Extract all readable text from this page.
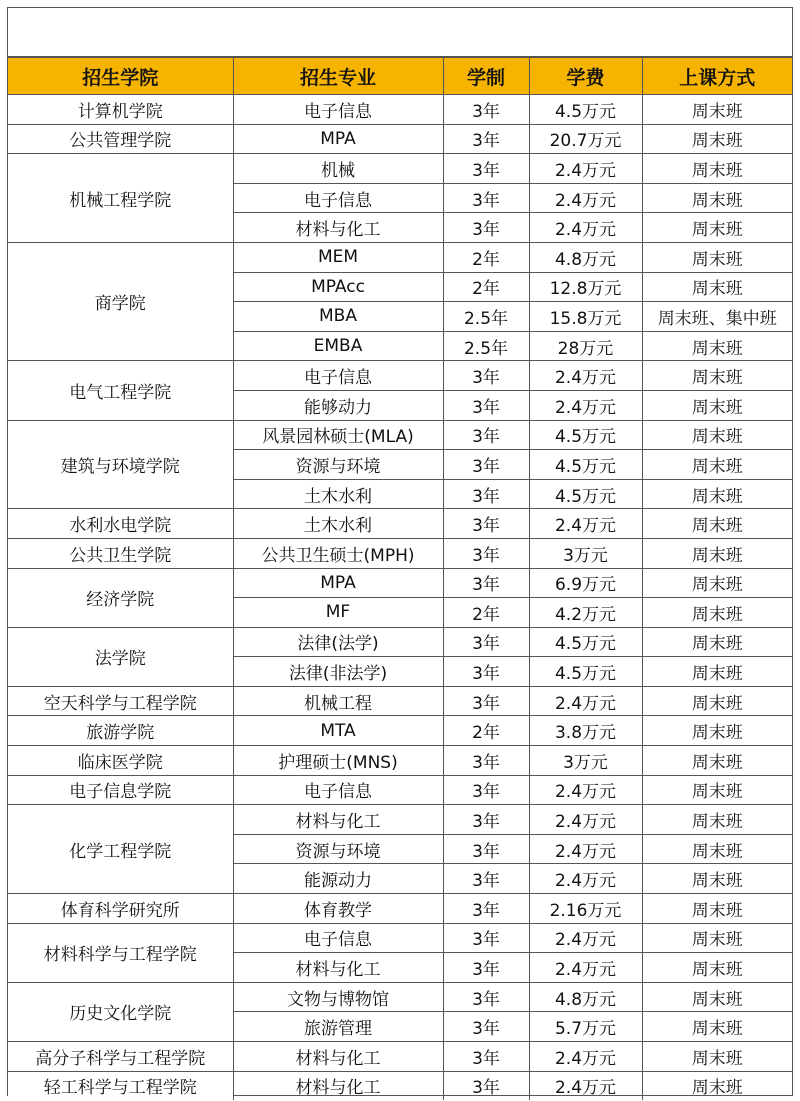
招生学院	招生专业	学制	学费	上课方式
计算机学院	电子信息	3年	4.5万元	周末班
公共管理学院	MPA	3年	20.7万元	周末班
机械工程学院	机械	3年	2.4万元	周末班
	电子信息	3年	2.4万元	周末班
	材料与化工	3年	2.4万元	周末班
商学院	MEM	2年	4.8万元	周末班
	MPAcc	2年	12.8万元	周末班
	MBA	2.5年	15.8万元	周末班、集中班
	EMBA	2.5年	28万元	周末班
电气工程学院	电子信息	3年	2.4万元	周末班
	能够动力	3年	2.4万元	周末班
建筑与环境学院	风景园林硕士(MLA)	3年	4.5万元	周末班
	资源与环境	3年	4.5万元	周末班
	土木水利	3年	4.5万元	周末班
水利水电学院	土木水利	3年	2.4万元	周末班
公共卫生学院	公共卫生硕士(MPH)	3年	3万元	周末班
经济学院	MPA	3年	6.9万元	周末班
	MF	2年	4.2万元	周末班
法学院	法律(法学)	3年	4.5万元	周末班
	法律(非法学)	3年	4.5万元	周末班
空天科学与工程学院	机械工程	3年	2.4万元	周末班
旅游学院	MTA	2年	3.8万元	周末班
临床医学院	护理硕士(MNS)	3年	3万元	周末班
电子信息学院	电子信息	3年	2.4万元	周末班
化学工程学院	材料与化工	3年	2.4万元	周末班
	资源与环境	3年	2.4万元	周末班
	能源动力	3年	2.4万元	周末班
体育科学研究所	体育教学	3年	2.16万元	周末班
材料科学与工程学院	电子信息	3年	2.4万元	周末班
	材料与化工	3年	2.4万元	周末班
历史文化学院	文物与博物馆	3年	4.8万元	周末班
	旅游管理	3年	5.7万元	周末班
高分子科学与工程学院	材料与化工	3年	2.4万元	周末班
轻工科学与工程学院	材料与化工	3年	2.4万元	周末班
